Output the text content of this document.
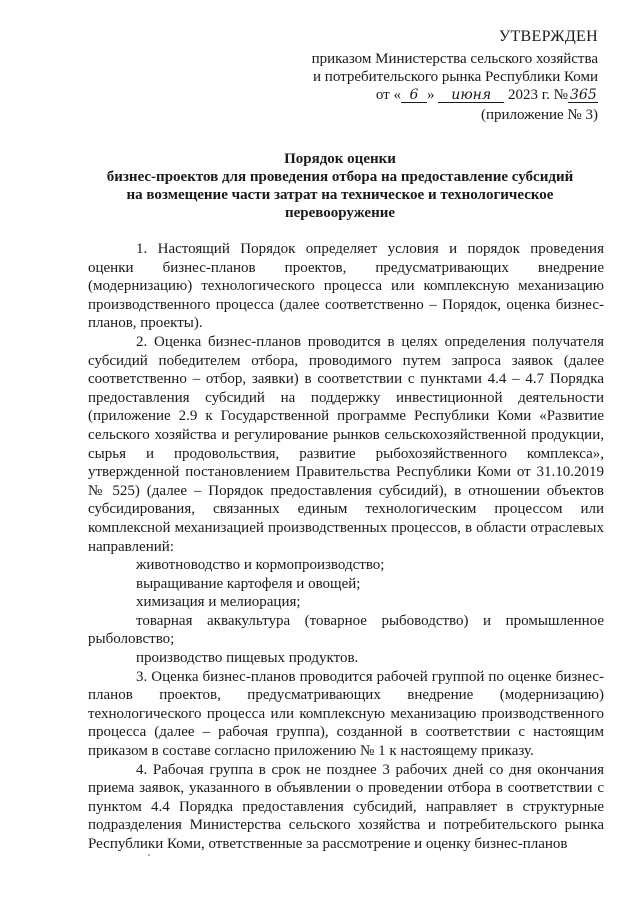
УТВЕРЖДЕН
приказом Министерства сельского хозяйства
и потребительского рынка Республики Коми
от « 6 » июня 2023 г. № 365
(приложение № 3)
Порядок оценки
бизнес-проектов для проведения отбора на предоставление субсидий
на возмещение части затрат на техническое и технологическое
перевооружение

1. Настоящий Порядок определяет условия и порядок проведения оценки бизнес-планов проектов, предусматривающих внедрение (модернизацию) технологического процесса или комплексную механизацию производственного процесса (далее соответственно – Порядок, оценка бизнес-планов, проекты).

2. Оценка бизнес-планов проводится в целях определения получателя субсидий победителем отбора, проводимого путем запроса заявок (далее соответственно – отбор, заявки) в соответствии с пунктами 4.4 – 4.7 Порядка предоставления субсидий на поддержку инвестиционной деятельности (приложение 2.9 к Государственной программе Республики Коми «Развитие сельского хозяйства и регулирование рынков сельскохозяйственной продукции, сырья и продовольствия, развитие рыбохозяйственного комплекса», утвержденной постановлением Правительства Республики Коми от 31.10.2019 № 525) (далее – Порядок предоставления субсидий), в отношении объектов субсидирования, связанных единым технологическим процессом или комплексной механизацией производственных процессов, в области отраслевых направлений:

животноводство и кормопроизводство;

выращивание картофеля и овощей;

химизация и мелиорация;

товарная аквакультура (товарное рыбоводство) и промышленное рыболовство;

производство пищевых продуктов.

3. Оценка бизнес-планов проводится рабочей группой по оценке бизнес-планов проектов, предусматривающих внедрение (модернизацию) технологического процесса или комплексную механизацию производственного процесса (далее – рабочая группа), созданной в соответствии с настоящим приказом в составе согласно приложению № 1 к настоящему приказу.

4. Рабочая группа в срок не позднее 3 рабочих дней со дня окончания приема заявок, указанного в объявлении о проведении отбора в соответствии с пунктом 4.4 Порядка предоставления субсидий, направляет в структурные подразделения Министерства сельского хозяйства и потребительского рынка Республики Коми, ответственные за рассмотрение и оценку бизнес-планов
